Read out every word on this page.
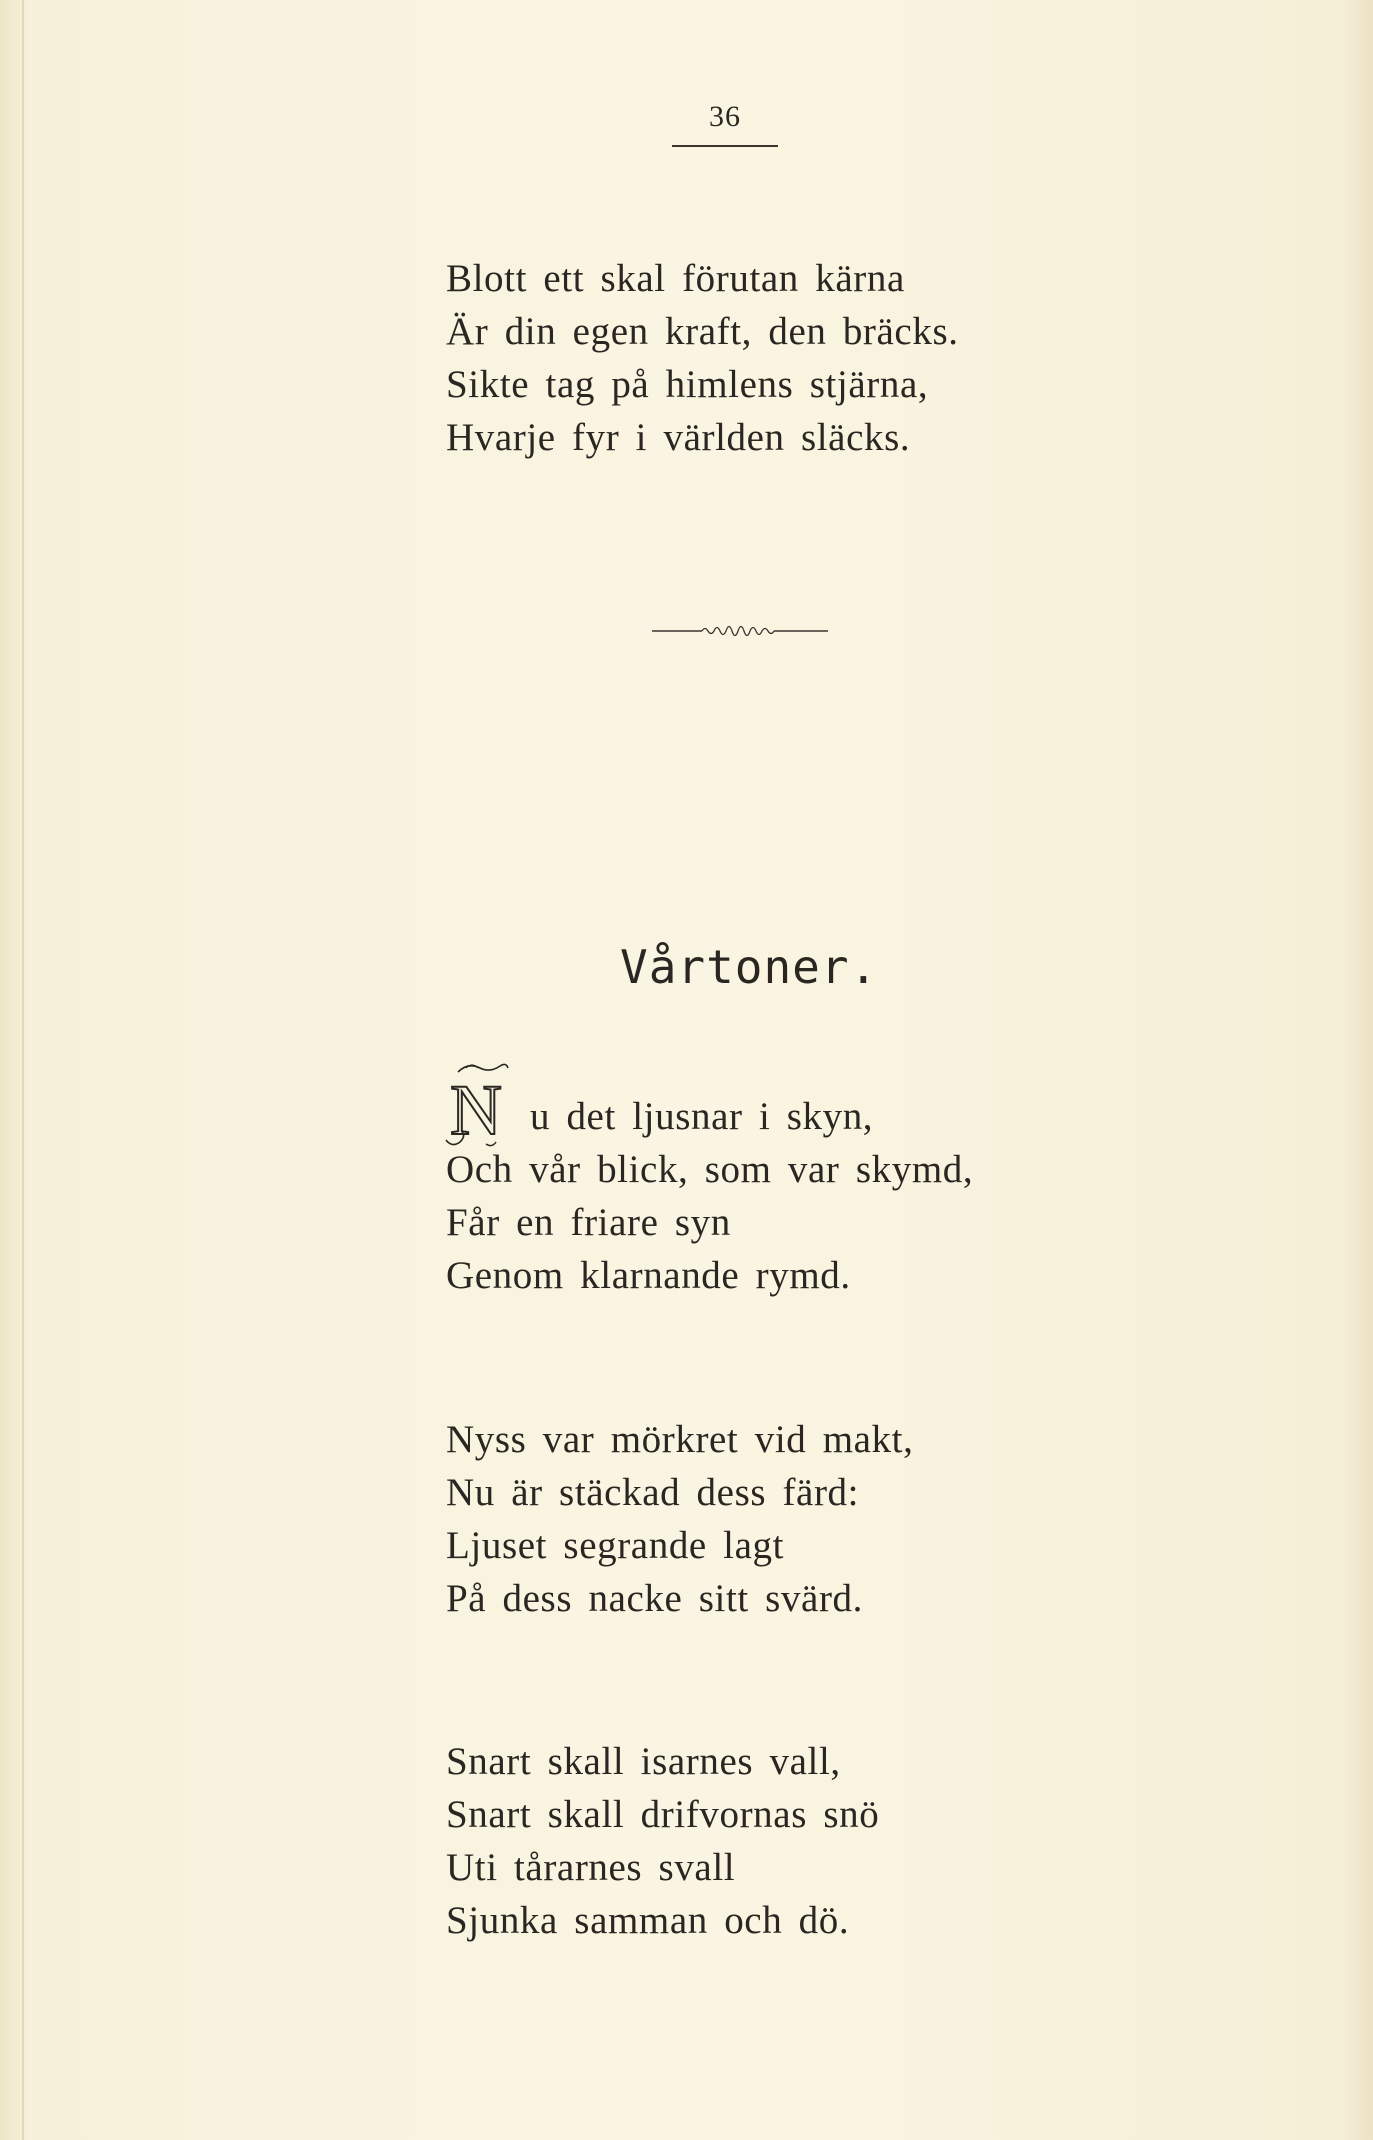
36
Blott ett skal förutan kärna
Är din egen kraft, den bräcks.
Sikte tag på himlens stjärna,
Hvarje fyr i världen släcks.
Vårtoner.
N u det ljusnar i skyn,
Och vår blick, som var skymd,
Får en friare syn
Genom klarnande rymd.
Nyss var mörkret vid makt,
Nu är stäckad dess färd:
Ljuset segrande lagt
På dess nacke sitt svärd.
Snart skall isarnes vall,
Snart skall drifvornas snö
Uti tårarnes svall
Sjunka samman och dö.
